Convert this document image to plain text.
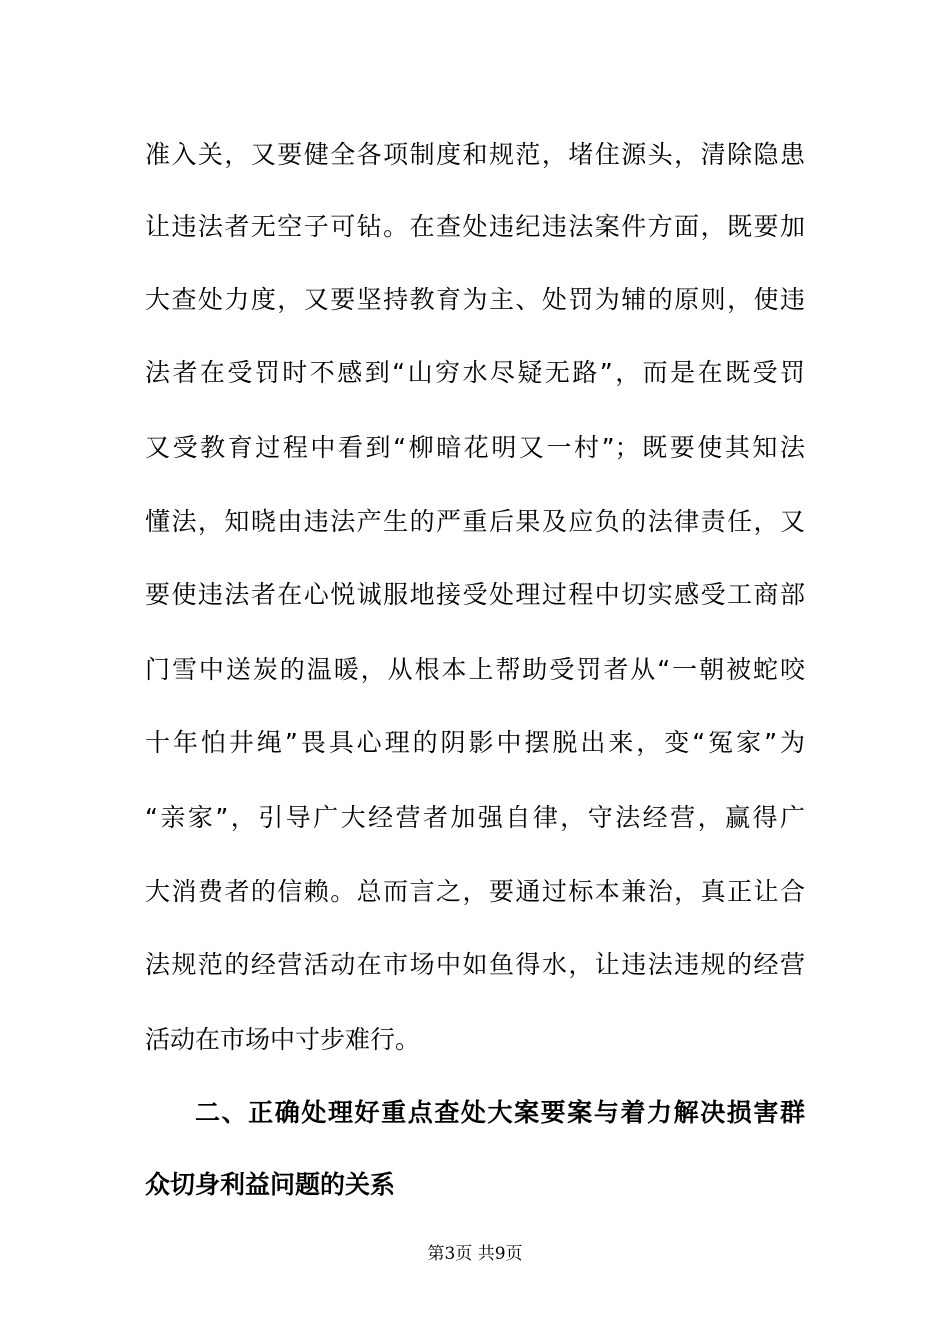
准入关，又要健全各项制度和规范，堵住源头，清除隐患
让违法者无空子可钻。在查处违纪违法案件方面，既要加
大查处力度，又要坚持教育为主、处罚为辅的原则，使违
法者在受罚时不感到“山穷水尽疑无路”，而是在既受罚
又受教育过程中看到“柳暗花明又一村”；既要使其知法
懂法，知晓由违法产生的严重后果及应负的法律责任，又
要使违法者在心悦诚服地接受处理过程中切实感受工商部
门雪中送炭的温暖，从根本上帮助受罚者从“一朝被蛇咬
十年怕井绳”畏具心理的阴影中摆脱出来，变“冤家”为
“亲家”，引导广大经营者加强自律，守法经营，赢得广
大消费者的信赖。总而言之，要通过标本兼治，真正让合
法规范的经营活动在市场中如鱼得水，让违法违规的经营
活动在市场中寸步难行。
二、正确处理好重点查处大案要案与着力解决损害群
众切身利益问题的关系
第3页 共9页
